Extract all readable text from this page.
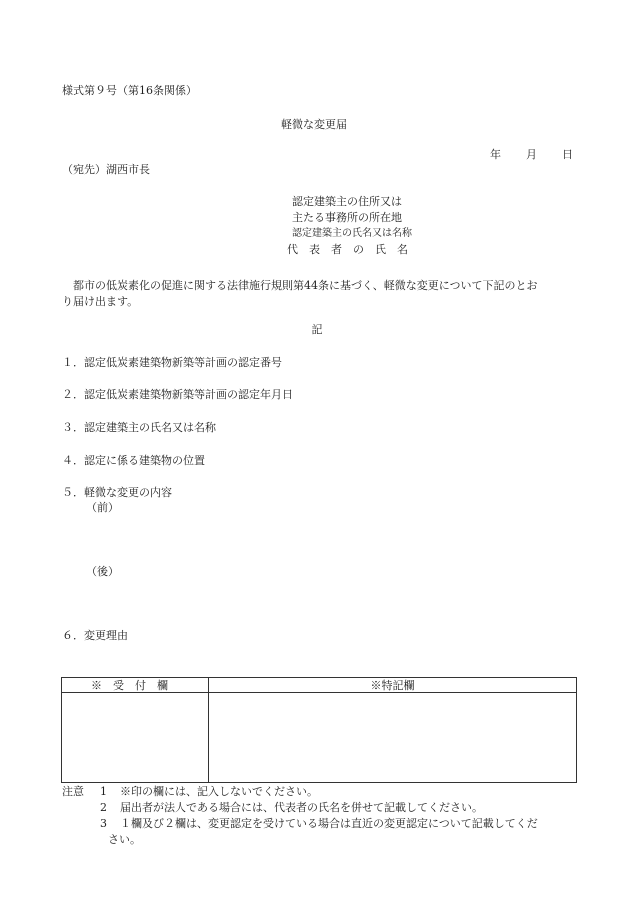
様式第９号（第16条関係）
軽微な変更届
年 月 日
（宛先）湖西市長
認定建築主の住所又は
主たる事務所の所在地
認定建築主の氏名又は名称
代表者の氏名
　都市の低炭素化の促進に関する法律施行規則第44条に基づく、軽微な変更について下記のとお
り届け出ます。
記
１．認定低炭素建築物新築等計画の認定番号
２．認定低炭素建築物新築等計画の認定年月日
３．認定建築主の氏名又は名称
４．認定に係る建築物の位置
５．軽微な変更の内容
（前）
（後）
６．変更理由
※受付欄	※特記欄

注意 1 ※印の欄には、記入しないでください。
2 届出者が法人である場合には、代表者の氏名を併せて記載してください。
3 １欄及び２欄は、変更認定を受けている場合は直近の変更認定について記載してくだ
さい。
